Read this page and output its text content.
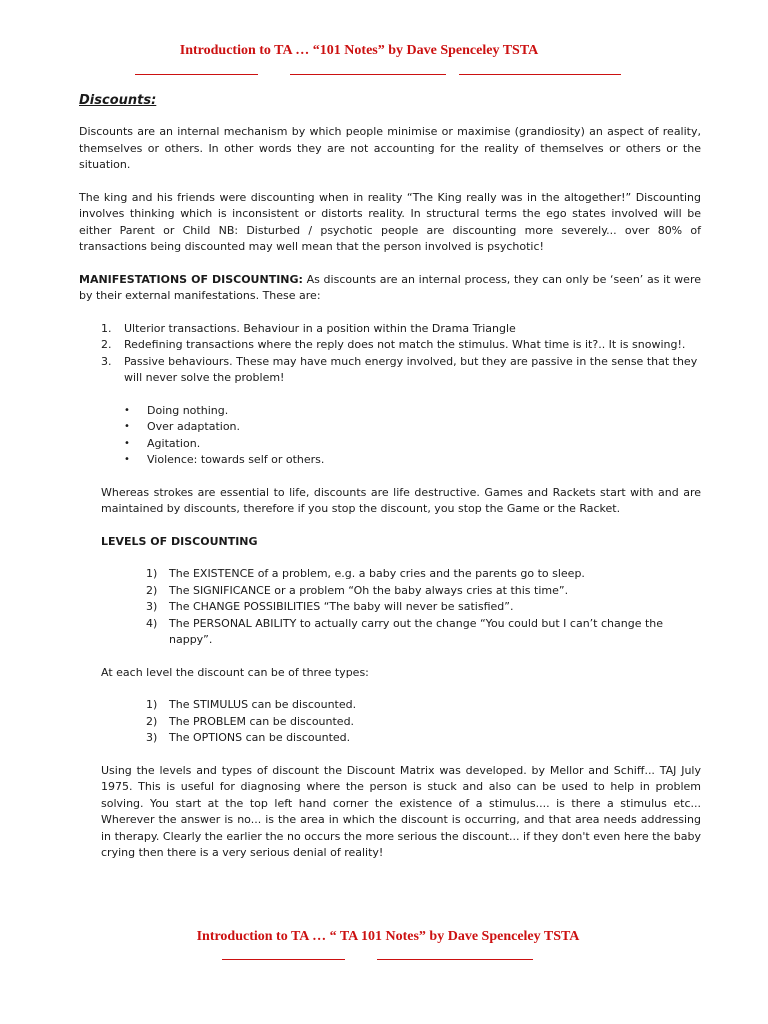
Introduction to TA … “101 Notes” by Dave Spenceley TSTA
Discounts:

Discounts are an internal mechanism by which people minimise or maximise (grandiosity) an aspect of reality, themselves or others. In other words they are not accounting for the reality of themselves or others or the situation.

The king and his friends were discounting when in reality “The King really was in the altogether!” Discounting involves thinking which is inconsistent or distorts reality. In structural terms the ego states involved will be either Parent or Child NB: Disturbed / psychotic people are discounting more severely... over 80% of transactions being discounted may well mean that the person involved is psychotic!

MANIFESTATIONS OF DISCOUNTING: As discounts are an internal process, they can only be ‘seen’ as it were by their external manifestations. These are:

1. Ulterior transactions. Behaviour in a position within the Drama Triangle
2. Redefining transactions where the reply does not match the stimulus. What time is it?.. It is snowing!.
3. Passive behaviours. These may have much energy involved, but they are passive in the sense that they will never solve the problem!
• Doing nothing.
• Over adaptation.
• Agitation.
• Violence: towards self or others.

Whereas strokes are essential to life, discounts are life destructive. Games and Rackets start with and are maintained by discounts, therefore if you stop the discount, you stop the Game or the Racket.

LEVELS OF DISCOUNTING
1) The EXISTENCE of a problem, e.g. a baby cries and the parents go to sleep.
2) The SIGNIFICANCE or a problem “Oh the baby always cries at this time”.
3) The CHANGE POSSIBILITIES “The baby will never be satisfied”.
4) The PERSONAL ABILITY to actually carry out the change “You could but I can’t change the nappy”.

At each level the discount can be of three types:

1) The STIMULUS can be discounted.
2) The PROBLEM can be discounted.
3) The OPTIONS can be discounted.

Using the levels and types of discount the Discount Matrix was developed. by Mellor and Schiff... TAJ July 1975. This is useful for diagnosing where the person is stuck and also can be used to help in problem solving. You start at the top left hand corner the existence of a stimulus.... is there a stimulus etc... Wherever the answer is no... is the area in which the discount is occurring, and that area needs addressing in therapy. Clearly the earlier the no occurs the more serious the discount... if they don't even here the baby crying then there is a very serious denial of reality!

Introduction to TA … “ TA 101 Notes” by Dave Spenceley TSTA
